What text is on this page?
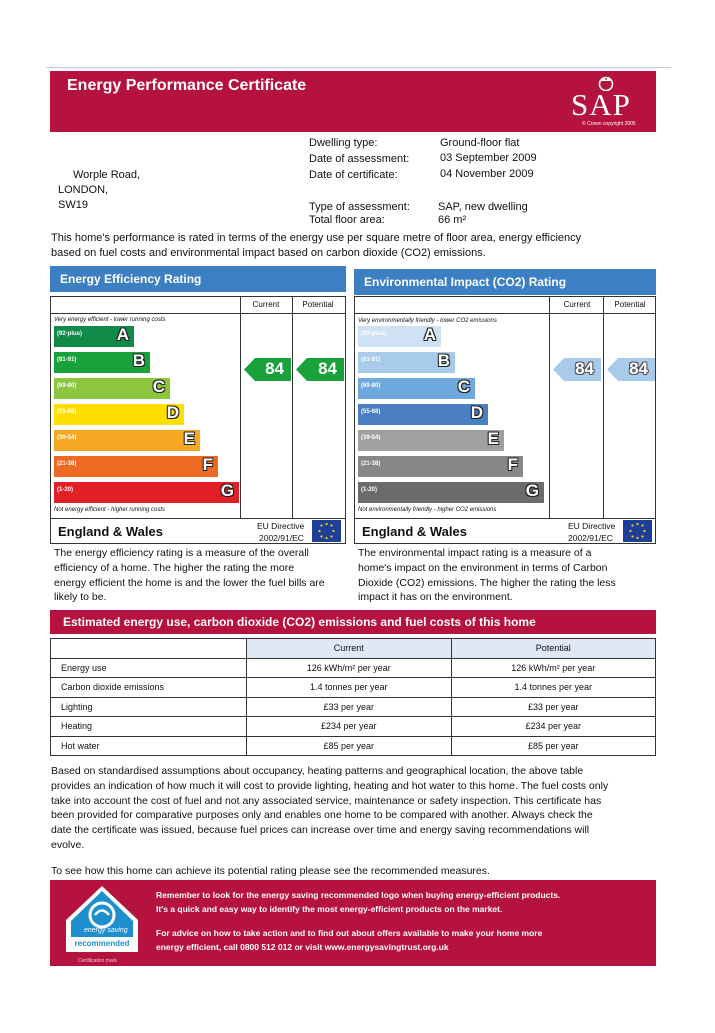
Energy Performance Certificate
SAP
© Crown copyright 2005
Worple Road,
LONDON,
SW19
Dwelling type:	Ground-floor flat
Date of assessment:	03 September 2009
Date of certificate:	04 November 2009
Type of assessment:	SAP, new dwelling
Total floor area:	66 m²
This home's performance is rated in terms of the energy use per square metre of floor area, energy efficiency based on fuel costs and environmental impact based on carbon dioxide (CO2) emissions.
Energy Efficiency Rating
Current	Potential
Very energy efficient - lower running costs
(92-plus) A
(81-91)	B
(69-80)	C
(55-68)	D
(39-54)	E
(21-38)	F
(1-20)	G
Not energy efficient - higher running costs
84 84
England & Wales	EU Directive
2002/91/EC
The energy efficiency rating is a measure of the overall efficiency of a home. The higher the rating the more energy efficient the home is and the lower the fuel bills are likely to be.
Environmental Impact (CO2) Rating
Current	Potential
Very environmentally friendly - lower CO2 emissions
(92-plus) A
(81-91)	B
(69-80)	C
(55-68)	D
(39-54)	E
(21-38)	F
(1-20)	G
Not environmentally friendly - higher CO2 emissions
84 84
England & Wales	EU Directive
2002/91/EC
The environmental impact rating is a measure of a home's impact on the environment in terms of Carbon Dioxide (CO2) emissions. The higher the rating the less impact it has on the environment.
Estimated energy use, carbon dioxide (CO2) emissions and fuel costs of this home
	Current	Potential
Energy use	126 kWh/m² per year	126 kWh/m² per year
Carbon dioxide emissions	1.4 tonnes per year	1.4 tonnes per year
Lighting	£33 per year	£33 per year
Heating	£234 per year	£234 per year
Hot water	£85 per year	£85 per year
Based on standardised assumptions about occupancy, heating patterns and geographical location, the above table provides an indication of how much it will cost to provide lighting, heating and hot water to this home. The fuel costs only take into account the cost of fuel and not any associated service, maintenance or safety inspection. This certificate has been provided for comparative purposes only and enables one home to be compared with another. Always check the date the certificate was issued, because fuel prices can increase over time and energy saving recommendations will evolve.
To see how this home can achieve its potential rating please see the recommended measures.
energy saving
recommended
Certification mark
Remember to look for the energy saving recommended logo when buying energy-efficient products.
It's a quick and easy way to identify the most energy-efficient products on the market.
For advice on how to take action and to find out about offers available to make your home more
energy efficient, call 0800 512 012 or visit www.energysavingtrust.org.uk
